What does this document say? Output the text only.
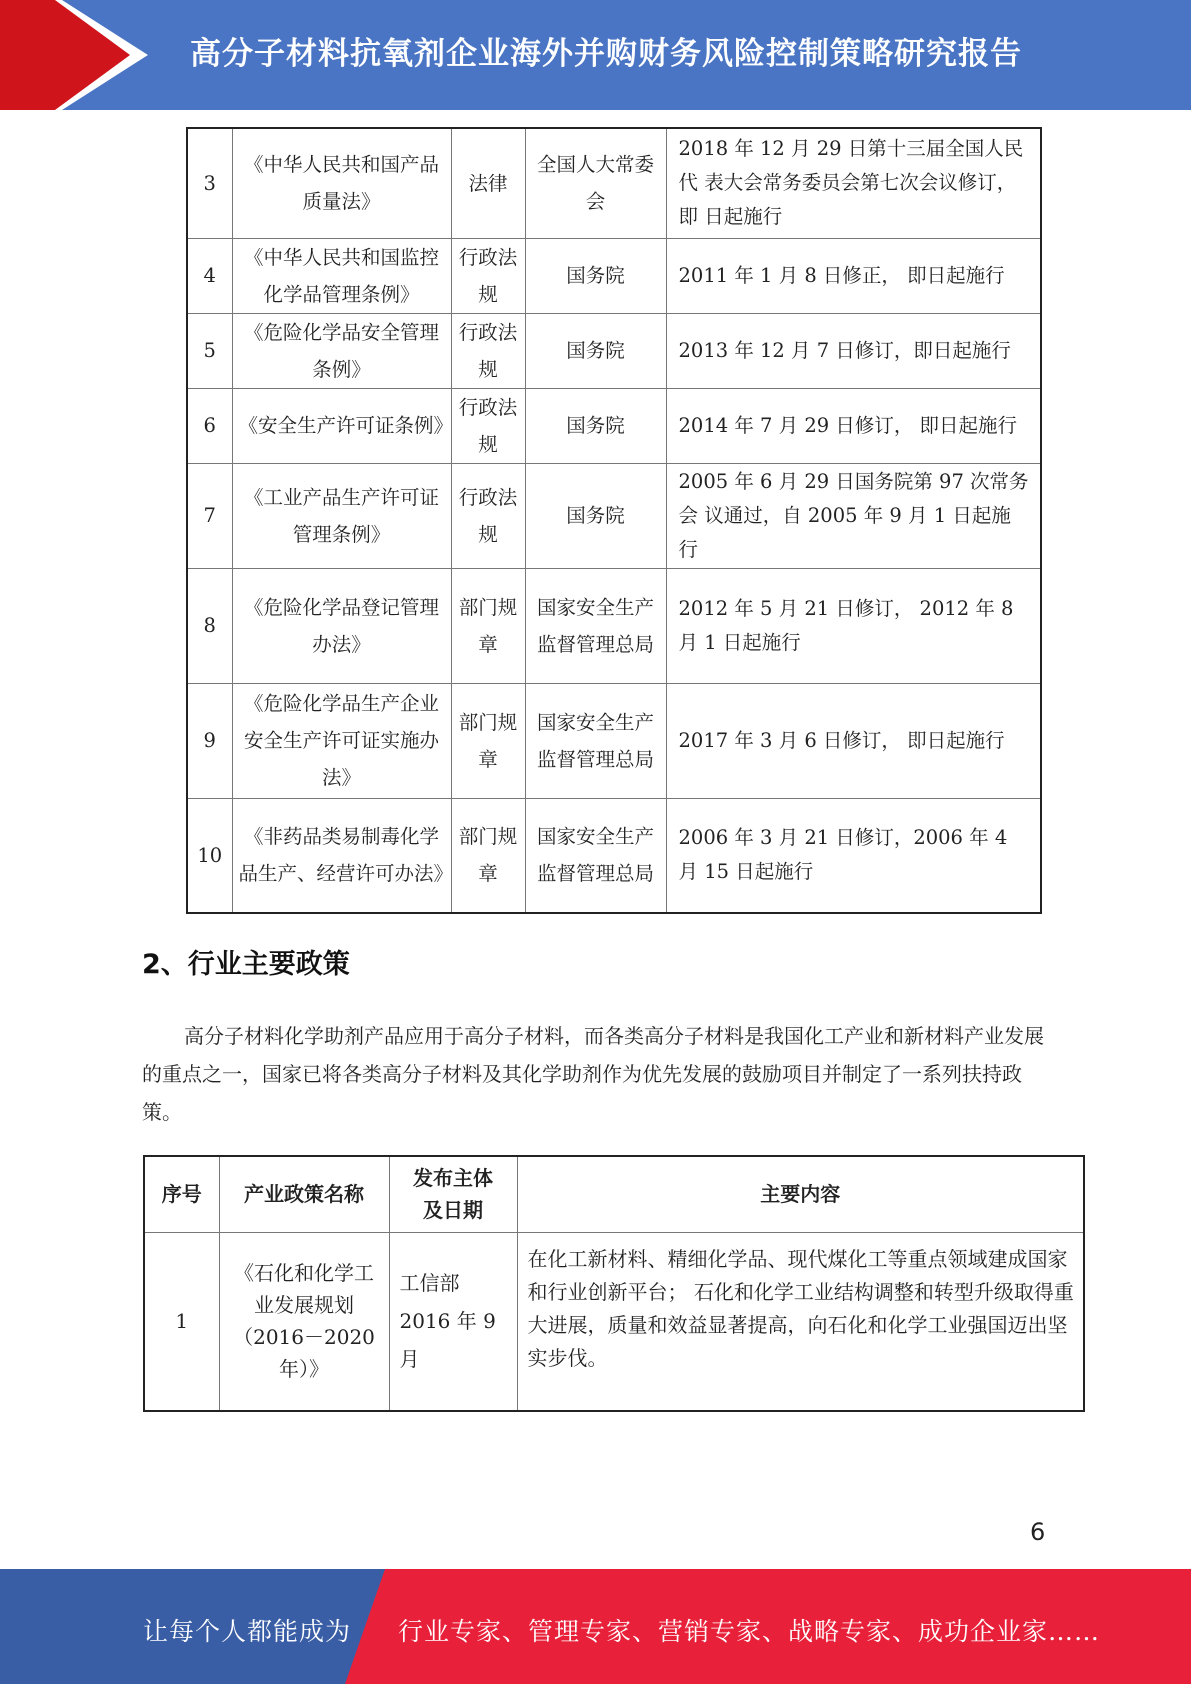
高分子材料抗氧剂企业海外并购财务风险控制策略研究报告
3	《中华人民共和国产品质量法》	法律	全国人大常委会	2018 年 12 月 29 日第十三届全国人民代 表大会常务委员会第七次会议修订，即 日起施行
4	《中华人民共和国监控化学品管理条例》	行政法规	国务院	2011 年 1 月 8 日修正， 即日起施行
5	《危险化学品安全管理条例》	行政法规	国务院	2013 年 12 月 7 日修订，即日起施行
6	《安全生产许可证条例》	行政法规	国务院	2014 年 7 月 29 日修订， 即日起施行
7	《工业产品生产许可证管理条例》	行政法规	国务院	2005 年 6 月 29 日国务院第 97 次常务会 议通过，自 2005 年 9 月 1 日起施行
8	《危险化学品登记管理办法》	部门规章	国家安全生产监督管理总局	2012 年 5 月 21 日修订， 2012 年 8 月 1 日起施行
9	《危险化学品生产企业安全生产许可证实施办法》	部门规章	国家安全生产监督管理总局	2017 年 3 月 6 日修订， 即日起施行
10	《非药品类易制毒化学品生产、经营许可办法》	部门规章	国家安全生产监督管理总局	2006 年 3 月 21 日修订，2006 年 4 月 15 日起施行
2、行业主要政策

高分子材料化学助剂产品应用于高分子材料，而各类高分子材料是我国化工产业和新材料产业发展的重点之一，国家已将各类高分子材料及其化学助剂作为优先发展的鼓励项目并制定了一系列扶持政策。

序号	产业政策名称	发布主体及日期	主要内容
1	《石化和化学工业发展规划（2016－2020年）》	工信部 2016 年 9 月	在化工新材料、精细化学品、现代煤化工等重点领域建成国家和行业创新平台； 石化和化学工业结构调整和转型升级取得重大进展，质量和效益显著提高，向石化和化学工业强国迈出坚实步伐。
6
让每个人都能成为 行业专家、管理专家、营销专家、战略专家、成功企业家……
